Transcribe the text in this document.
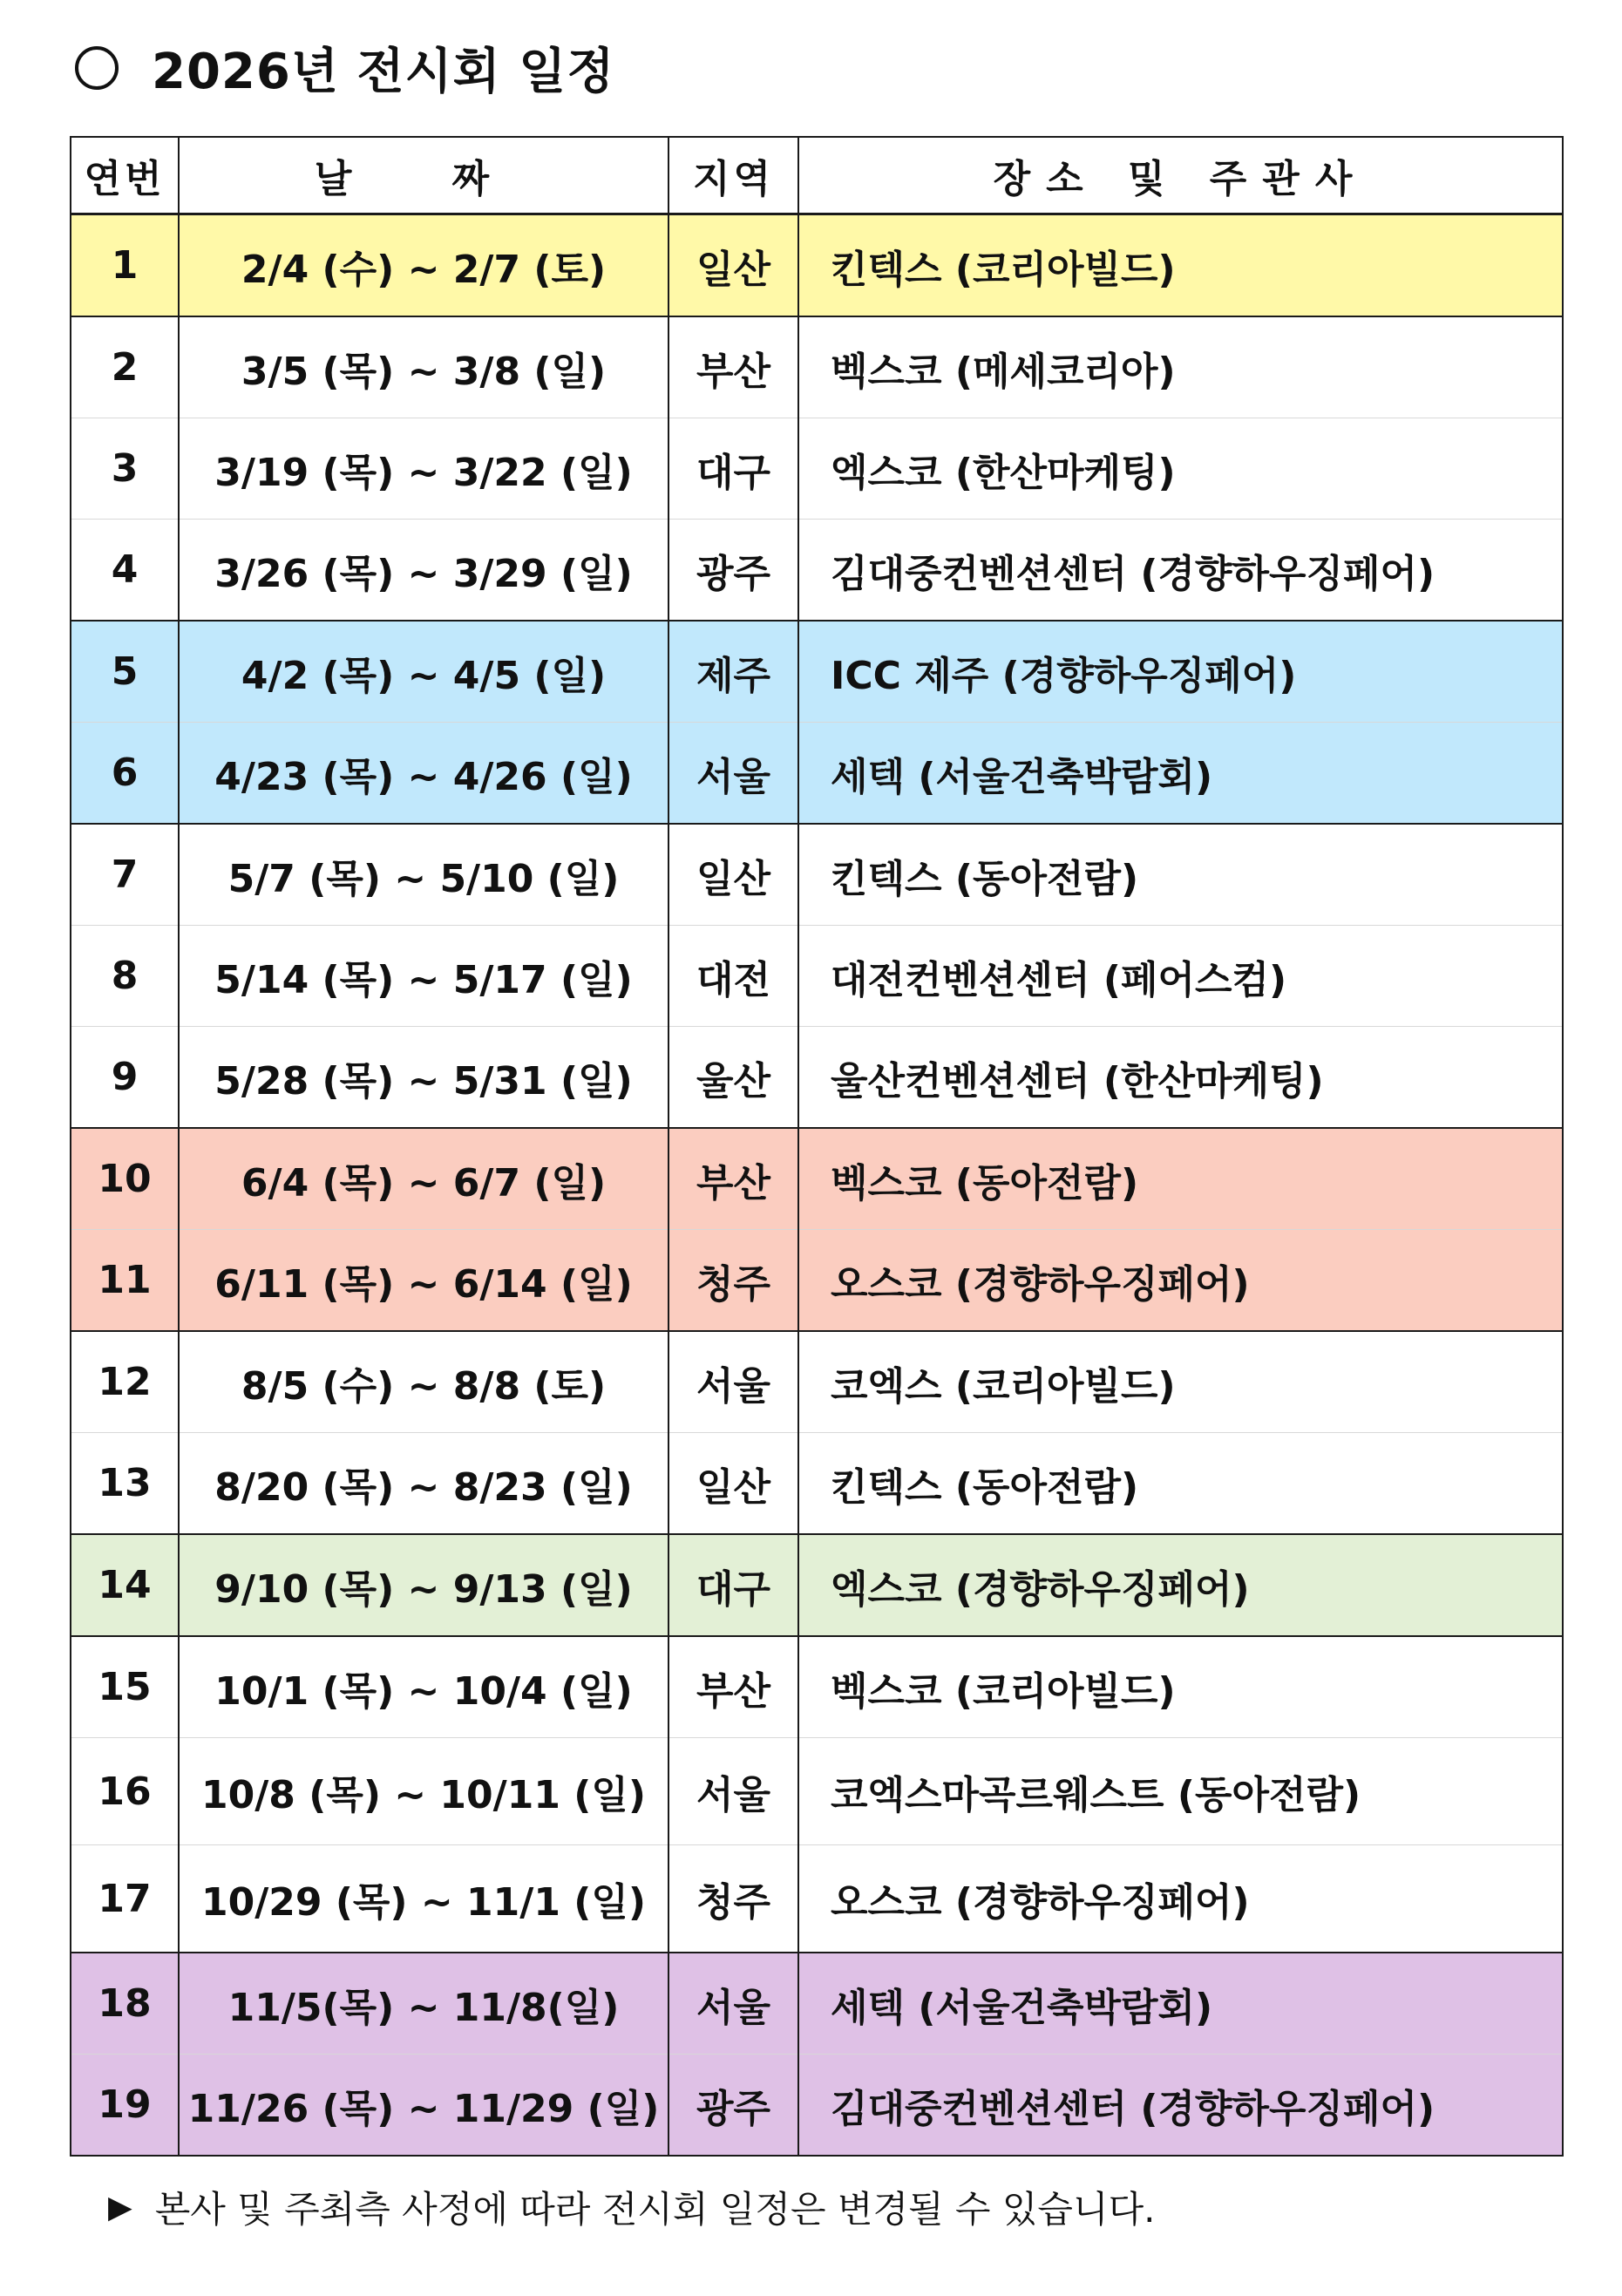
2026년 전시회 일정
연번	날 짜	지역	장소 및 주관사
1	2/4 (수) ~ 2/7 (토)	일산	킨텍스 (코리아빌드)
2	3/5 (목) ~ 3/8 (일)	부산	벡스코 (메세코리아)
3	3/19 (목) ~ 3/22 (일)	대구	엑스코 (한산마케팅)
4	3/26 (목) ~ 3/29 (일)	광주	김대중컨벤션센터 (경향하우징페어)
5	4/2 (목) ~ 4/5 (일)	제주	ICC 제주 (경향하우징페어)
6	4/23 (목) ~ 4/26 (일)	서울	세텍 (서울건축박람회)
7	5/7 (목) ~ 5/10 (일)	일산	킨텍스 (동아전람)
8	5/14 (목) ~ 5/17 (일)	대전	대전컨벤션센터 (페어스컴)
9	5/28 (목) ~ 5/31 (일)	울산	울산컨벤션센터 (한산마케팅)
10	6/4 (목) ~ 6/7 (일)	부산	벡스코 (동아전람)
11	6/11 (목) ~ 6/14 (일)	청주	오스코 (경향하우징페어)
12	8/5 (수) ~ 8/8 (토)	서울	코엑스 (코리아빌드)
13	8/20 (목) ~ 8/23 (일)	일산	킨텍스 (동아전람)
14	9/10 (목) ~ 9/13 (일)	대구	엑스코 (경향하우징페어)
15	10/1 (목) ~ 10/4 (일)	부산	벡스코 (코리아빌드)
16	10/8 (목) ~ 10/11 (일)	서울	코엑스마곡르웨스트 (동아전람)
17	10/29 (목) ~ 11/1 (일)	청주	오스코 (경향하우징페어)
18	11/5(목) ~ 11/8(일)	서울	세텍 (서울건축박람회)
19	11/26 (목) ~ 11/29 (일)	광주	김대중컨벤션센터 (경향하우징페어)
▶ 본사 및 주최측 사정에 따라 전시회 일정은 변경될 수 있습니다.
